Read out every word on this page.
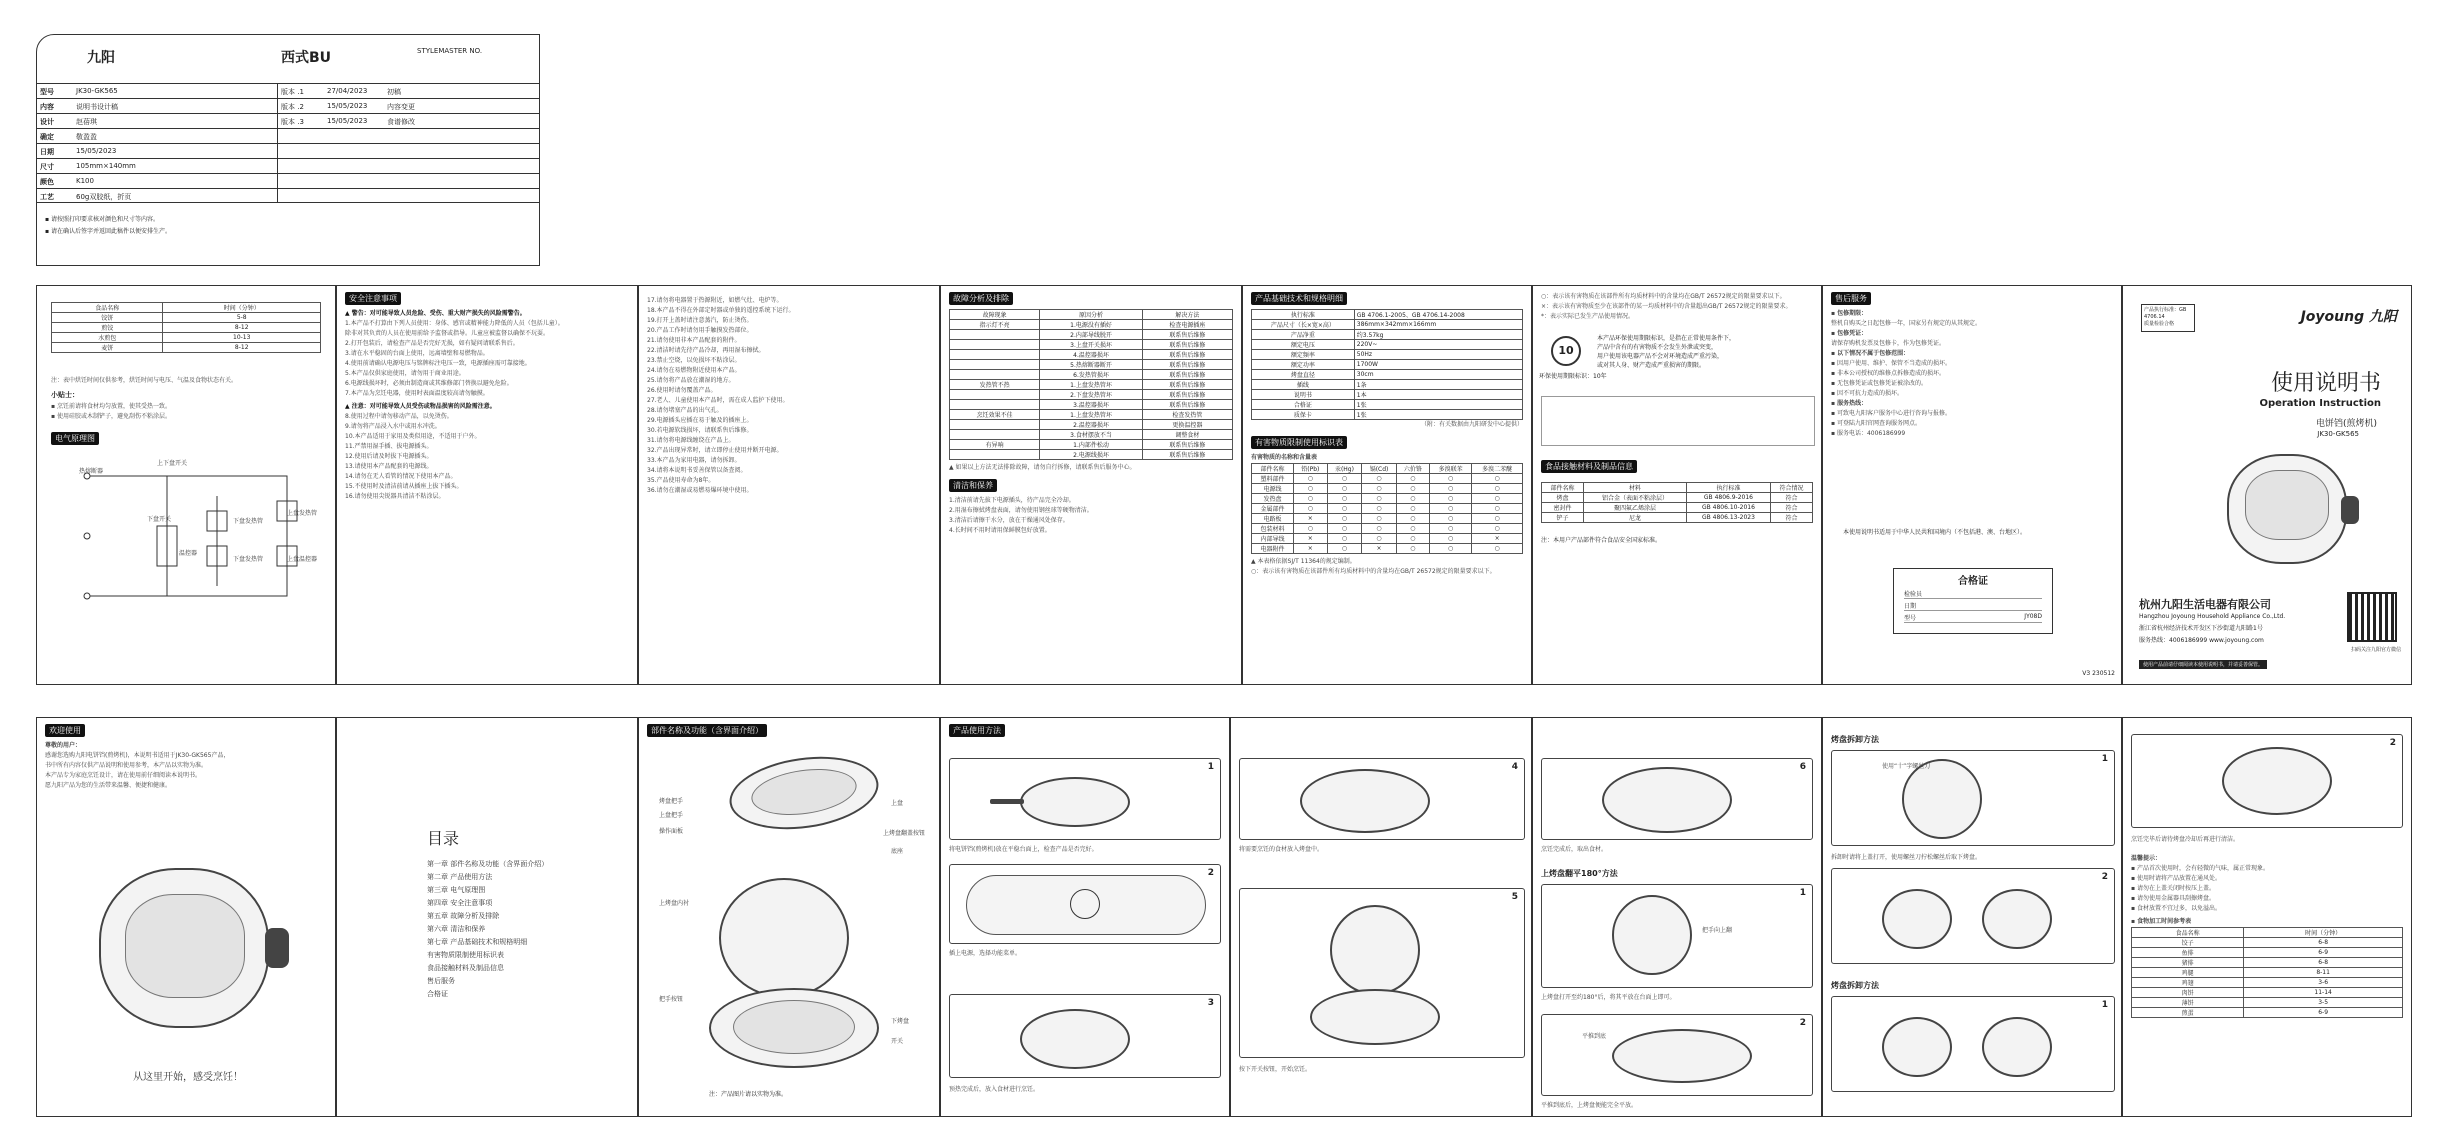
九阳	西式BU	STYLEMASTER NO.
型号	JK30-GK565
内容	说明书设计稿
设计	赵蓓琪
确定	敬盈盈
日期	15/05/2023
尺寸	105mm×140mm
颜色	K100
工艺	60g双胶纸，折页
版本 .1	27/04/2023	初稿
版本 .2	15/05/2023	内容变更
版本 .3	15/05/2023	食谱修改
▪ 请按照打印要求核对颜色和尺寸等内容。
▪ 请在确认后签字并返回此稿件以便安排生产。
食品名称	时间（分钟）
饺饼	5-8
煎饺	8-12
水煎包	10-13
麦饼	8-12
注：表中烘饪时间仅供参考，烘饪时间与电压、气温及食物状态有关。
小贴士：
▪ 烹饪前请将食材均匀放置，使其受热一致。
▪ 使用硅胶或木制铲子，避免刮伤不粘涂层。
电气原理图
上下盘开关
热熔断器
下盘开关
温控器
下盘发热管
下盘发热管
上盘发热管
上盘温控器
安全注意事项

▲ 警告：对可能导致人员危险、受伤、重大财产损失的风险需警告。

1.本产品不打算由下列人员使用：身体、感官或精神能力降低的人员（包括儿童）。

除非对其负责的人员在使用前给予监督或指导。儿童应被监督以确保不玩耍。

2.打开包装后，请检查产品是否完好无损，如有疑问请联系售后。

3.请在水平稳固的台面上使用，远离墙壁和易燃物品。

4.使用前请确认电源电压与铭牌标注电压一致，电源插座需可靠接地。

5.本产品仅供家庭使用，请勿用于商业用途。

6.电源线损坏时，必须由制造商或其维修部门替换以避免危险。

7.本产品为烹饪电器，使用时表面温度较高请勿触摸。

▲ 注意：对可能导致人员受伤或物品损害的风险需注意。

8.使用过程中请勿移动产品，以免烫伤。

9.请勿将产品浸入水中或用水冲洗。

10.本产品适用于家用及类似用途，不适用于户外。

11.严禁用湿手插、拔电源插头。

12.使用后请及时拔下电源插头。

13.请使用本产品配套的电源线。

14.请勿在无人看管的情况下使用本产品。

15.不使用时及清洁前请从插座上拔下插头。

16.请勿使用尖锐器具清洁不粘涂层。

17.请勿将电器置于热源附近，如燃气灶、电炉等。

18.本产品不得在外部定时器或单独的遥控系统下运行。

19.打开上盖时请注意蒸汽，防止烫伤。

20.产品工作时请勿用手触摸发热部位。

21.请勿使用非本产品配套的附件。

22.清洁时请先待产品冷却，再用湿布擦拭。

23.禁止空烧，以免损坏不粘涂层。

24.请勿在易燃物附近使用本产品。

25.请勿将产品放在潮湿的地方。

26.使用时请勿覆盖产品。

27.老人、儿童使用本产品时，需在成人监护下使用。

28.请勿堵塞产品的出气孔。

29.电源插头应插在易于触及的插座上。

30.若电源软线损坏，请联系售后维修。

31.请勿将电源线缠绕在产品上。

32.产品出现异常时，请立即停止使用并断开电源。

33.本产品为家用电器，请勿拆卸。

34.请将本说明书妥善保管以备查阅。

35.产品使用寿命为8年。

36.请勿在潮湿或易燃易爆环境中使用。

故障分析及排除
故障现象	原因分析	解决方法
指示灯不亮	1.电源没有插好	检查电源插座
	2.内部导线脱开	联系售后维修
	3.上盘开关损坏	联系售后维修
	4.温控器损坏	联系售后维修
	5.热熔断器断开	联系售后维修
	6.发热管损坏	联系售后维修
发热管不热	1.上盘发热管坏	联系售后维修
	2.下盘发热管坏	联系售后维修
	3.温控器损坏	联系售后维修
烹饪效果不佳	1.上盘发热管坏	检查发热管
	2.温控器损坏	更换温控器
	3.食材摆放不当	调整食材
有异响	1.内部件松动	联系售后维修
	2.电源线损坏	联系售后维修

▲ 如果以上方法无法排除故障，请勿自行拆修，请联系售后服务中心。

清洁和保养

1.清洁前请先拔下电源插头，待产品完全冷却。

2.用湿布擦拭烤盘表面，请勿使用钢丝球等硬物清洁。

3.清洁后请擦干水分，放在干燥通风处保存。

4.长时间不用时请用保鲜膜包好放置。

产品基础技术和规格明细
执行标准	GB 4706.1-2005、GB 4706.14-2008
产品尺寸（长×宽×高）	386mm×342mm×166mm
产品净重	约3.57kg
额定电压	220V~
额定频率	50Hz
额定功率	1700W
烤盘直径	30cm
插线	1条
说明书	1本
合格证	1张
质保卡	1张

（附：有关数据由九阳研发中心提供）

有害物质限制使用标识表

有害物质的名称和含量表

部件名称	铅(Pb)	汞(Hg)	镉(Cd)	六价铬	多溴联苯	多溴二苯醚
塑料部件	○	○	○	○	○	○
电源线	○	○	○	○	○	○
发热盘	○	○	○	○	○	○
金属部件	○	○	○	○	○	○
电路板	×	○	○	○	○	○
包装材料	○	○	○	○	○	○
内部导线	×	○	○	○	○	×
电器附件	×	○	×	○	○	○

▲ 本表格依据SJ/T 11364的规定编制。

○：表示该有害物质在该部件所有均质材料中的含量均在GB/T 26572规定的限量要求以下。

○：表示该有害物质在该部件所有均质材料中的含量均在GB/T 26572规定的限量要求以下。

×：表示该有害物质至少在该部件的某一均质材料中的含量超出GB/T 26572规定的限量要求。

*：表示实际已发生产品使用情况。

10
环保使用期限标识：10年

本产品环保使用期限标识，是指在正常使用条件下，

产品中含有的有害物质不会发生外泄或突变，

用户使用该电器产品不会对环境造成严重污染，

或对其人身、财产造成严重损害的期限。

食品接触材料及制品信息
部件名称	材料	执行标准	符合情况
烤盘	铝合金（表面不粘涂层）	GB 4806.9-2016	符合
密封件	聚四氟乙烯涂层	GB 4806.10-2016	符合
铲子	尼龙	GB 4806.13-2023	符合
注：本用户产品部件符合食品安全国家标准。
售后服务

▪ 包修期限：

整机自购买之日起包修一年，国家另有规定的从其规定。

▪ 包修凭证：

请保存购机发票及包修卡，作为包修凭证。

▪ 以下情况不属于包修范围：

▪ 因用户使用、维护、保管不当造成的损坏。

▪ 非本公司授权的维修点拆修造成的损坏。

▪ 无包修凭证或包修凭证被涂改的。

▪ 因不可抗力造成的损坏。

▪ 服务热线：

▪ 可致电九阳客户服务中心进行咨询与报修。

▪ 可登陆九阳官网查询服务网点。

▪ 服务电话：4006186999

本使用说明书适用于中华人民共和国境内（不包括港、澳、台地区）。
合格证
检验员
日期
型号	JY08D
V3 230512
产品执行标准：GB 4706.14
质量检验合格	Joyoung 九阳
使用说明书
Operation Instruction
电饼铛(煎烤机)
JK30-GK565
杭州九阳生活电器有限公司
Hangzhou Joyoung Household Appliance Co.,Ltd.
浙江省杭州经济技术开发区下沙街道九阳路1号
服务热线：4006186999 www.joyoung.com
扫码关注九阳官方微信
使用产品前请仔细阅读本使用说明书，并请妥善保管。
欢迎使用

尊敬的用户：

感谢您选购九阳电饼铛(煎烤机)，本说明书适用于JK30-GK565产品，

书中所有内容仅供产品说明和使用参考，本产品以实物为准。

本产品专为家庭烹饪设计，请在使用前仔细阅读本说明书。

愿九阳产品为您的生活带来温馨、便捷和健康。

从这里开始，感受烹饪！
目录

第一章 部件名称及功能（含界面介绍）

第二章 产品使用方法

第三章 电气原理图

第四章 安全注意事项

第五章 故障分析及排除

第六章 清洁和保养

第七章 产品基础技术和规格明细

有害物质限制使用标识表

食品接触材料及制品信息

售后服务

合格证

部件名称及功能（含界面介绍）
烤盘把手
上盘把手
操作面板
上盘
上烤盘翻盖按钮
底座
上烤盘内衬
把手按钮
下烤盘
开关
注：产品图片请以实物为准。
产品使用方法
1
将电饼铛(煎烤机)放在平稳台面上，检查产品是否完好。
2
插上电源，选择功能菜单。
3
预热完成后，放入食材进行烹饪。
4
将需要烹饪的食材放入烤盘中。
5
按下开关按钮，开始烹饪。
6
烹饪完成后，取出食材。
上烤盘翻平180°方法
1
把手向上翻
上烤盘打开至约180°后，将其平放在台面上即可。
2
平推到底
平推到底后，上烤盘便能完全平放。
烤盘拆卸方法
1
使用“十”字螺丝刀
拆卸时请将上盖打开，使用螺丝刀拧松螺丝后取下烤盘。
2
烤盘拆卸方法
1
2
烹饪完毕后请待烤盘冷却后再进行清洁。

温馨提示：

▪ 产品首次使用时，会有轻微的气味，属正常现象。

▪ 使用时请将产品放置在通风处。

▪ 请勿在上盖关闭时按压上盖。

▪ 请勿使用金属器具刮擦烤盘。

▪ 食材放置不宜过多，以免溢出。

▪ 食物加工时间参考表

食品名称	时间（分钟）
饺子	6-8
鱼排	6-9
猪排	6-8
鸡腿	8-11
鸡翅	3-6
肉饼	11-14
薄饼	3-5
煎蛋	6-9
